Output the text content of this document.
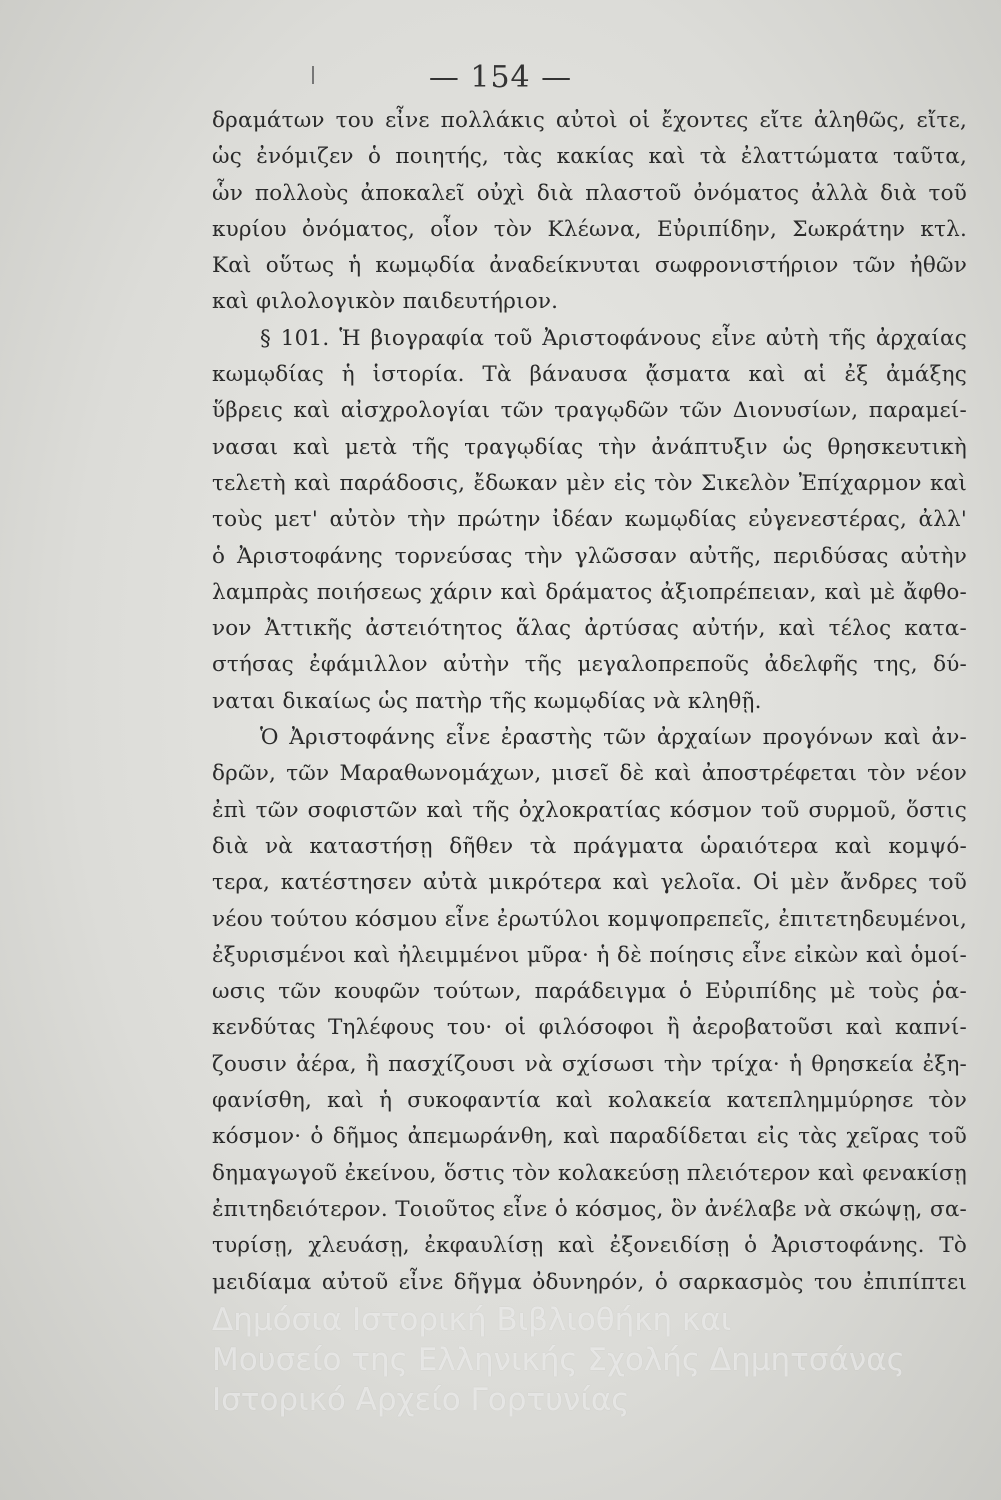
— 154 —
δραμάτων του εἶνε πολλάκις αὐτοὶ οἱ ἔχοντες εἴτε ἀληθῶς, εἴτε,
ὡς ἐνόμιζεν ὁ ποιητής, τὰς κακίας καὶ τὰ ἐλαττώματα ταῦτα,
ὧν πολλοὺς ἀποκαλεῖ οὐχὶ διὰ πλαστοῦ ὀνόματος ἀλλὰ διὰ τοῦ
κυρίου ὀνόματος, οἷον τὸν Κλέωνα, Εὐριπίδην, Σωκράτην κτλ.
Καὶ οὕτως ἡ κωμῳδία ἀναδείκνυται σωφρονιστήριον τῶν ἠθῶν
καὶ φιλολογικὸν παιδευτήριον.
§ 101. Ἡ βιογραφία τοῦ Ἀριστοφάνους εἶνε αὐτὴ τῆς ἀρχαίας
κωμῳδίας ἡ ἱστορία. Τὰ βάναυσα ᾄσματα καὶ αἱ ἐξ ἀμάξης
ὕβρεις καὶ αἰσχρολογίαι τῶν τραγῳδῶν τῶν Διονυσίων, παραμεί-
νασαι καὶ μετὰ τῆς τραγῳδίας τὴν ἀνάπτυξιν ὡς θρησκευτικὴ
τελετὴ καὶ παράδοσις, ἔδωκαν μὲν εἰς τὸν Σικελὸν Ἐπίχαρμον καὶ
τοὺς μετ' αὐτὸν τὴν πρώτην ἰδέαν κωμῳδίας εὐγενεστέρας, ἀλλ'
ὁ Ἀριστοφάνης τορνεύσας τὴν γλῶσσαν αὐτῆς, περιδύσας αὐτὴν
λαμπρὰς ποιήσεως χάριν καὶ δράματος ἀξιοπρέπειαν, καὶ μὲ ἄφθο-
νον Ἀττικῆς ἀστειότητος ἅλας ἀρτύσας αὐτήν, καὶ τέλος κατα-
στήσας ἐφάμιλλον αὐτὴν τῆς μεγαλοπρεποῦς ἀδελφῆς της, δύ-
ναται δικαίως ὡς πατὴρ τῆς κωμῳδίας νὰ κληθῇ.
Ὁ Ἀριστοφάνης εἶνε ἐραστὴς τῶν ἀρχαίων προγόνων καὶ ἀν-
δρῶν, τῶν Μαραθωνομάχων, μισεῖ δὲ καὶ ἀποστρέφεται τὸν νέον
ἐπὶ τῶν σοφιστῶν καὶ τῆς ὀχλοκρατίας κόσμον τοῦ συρμοῦ, ὅστις
διὰ νὰ καταστήσῃ δῆθεν τὰ πράγματα ὡραιότερα καὶ κομψό-
τερα, κατέστησεν αὐτὰ μικρότερα καὶ γελοῖα. Οἱ μὲν ἄνδρες τοῦ
νέου τούτου κόσμου εἶνε ἐρωτύλοι κομψοπρεπεῖς, ἐπιτετηδευμένοι,
ἐξυρισμένοι καὶ ἠλειμμένοι μῦρα· ἡ δὲ ποίησις εἶνε εἰκὼν καὶ ὁμοί-
ωσις τῶν κουφῶν τούτων, παράδειγμα ὁ Εὐριπίδης μὲ τοὺς ῥα-
κενδύτας Τηλέφους του· οἱ φιλόσοφοι ἢ ἀεροβατοῦσι καὶ καπνί-
ζουσιν ἀέρα, ἢ πασχίζουσι νὰ σχίσωσι τὴν τρίχα· ἡ θρησκεία ἐξη-
φανίσθη, καὶ ἡ συκοφαντία καὶ κολακεία κατεπλημμύρησε τὸν
κόσμον· ὁ δῆμος ἀπεμωράνθη, καὶ παραδίδεται εἰς τὰς χεῖρας τοῦ
δημαγωγοῦ ἐκείνου, ὅστις τὸν κολακεύσῃ πλειότερον καὶ φενακίσῃ
ἐπιτηδειότερον. Τοιοῦτος εἶνε ὁ κόσμος, ὃν ἀνέλαβε νὰ σκώψῃ, σα-
τυρίσῃ, χλευάσῃ, ἐκφαυλίσῃ καὶ ἐξονειδίσῃ ὁ Ἀριστοφάνης. Τὸ
μειδίαμα αὐτοῦ εἶνε δῆγμα ὀδυνηρόν, ὁ σαρκασμὸς του ἐπιπίπτει
Δημόσια Ιστορική Βιβλιοθήκη και
Μουσείο της Ελληνικής Σχολής Δημητσάνας
Ιστορικό Αρχείο Γορτυνίας
